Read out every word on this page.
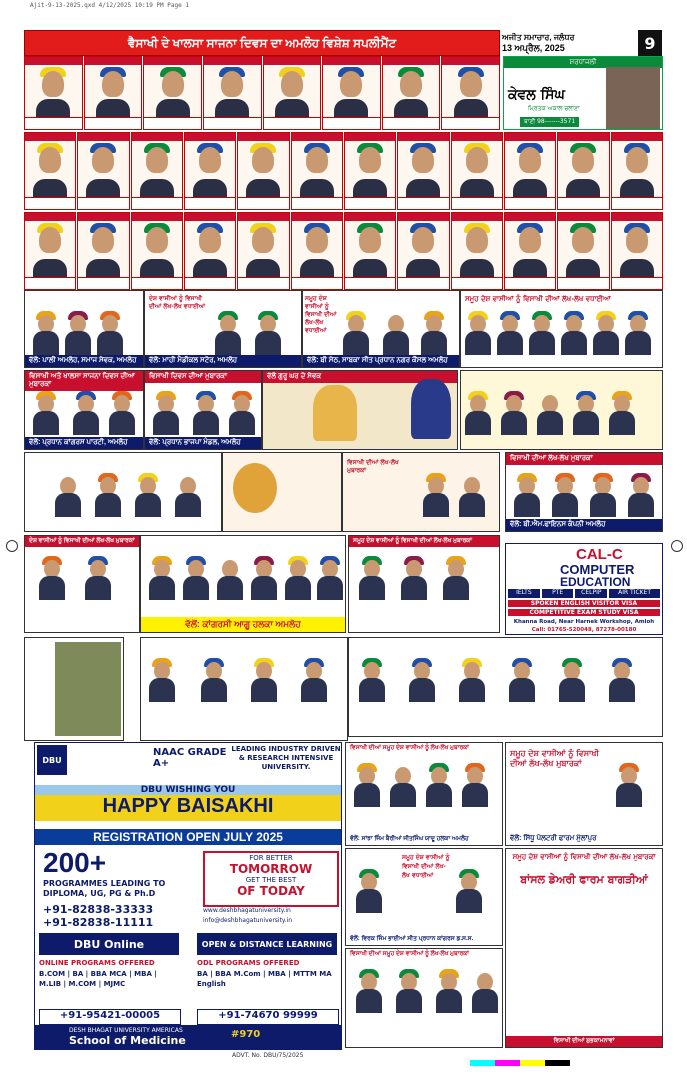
Ajit-9-13-2025.qxd 4/12/2025 10:19 PM Page 1
ਵੈਸਾਖੀ ਦੇ ਖਾਲਸਾ ਸਾਜਨਾ ਦਿਵਸ ਦਾ ਅਮਲੋਹ ਵਿਸ਼ੇਸ਼ ਸਪਲੀਮੈਂਟ	ਅਜੀਤ ਸਮਾਚਾਰ, ਜਲੰਧਰ
13 ਅਪ੍ਰੈਲ, 2025	9
ਸ਼ਰਧਾਂਜਲੀ
ਕੇਵਲ ਸਿੰਘ
ਮ੍ਰਿਤਕ ਅਕਾਲ ਚਲਾਣਾ
ਬਾਣੀ 98-------3571
ਵੱਲੋਂ: ਪਾਲੀ ਅਮਲੋਹ, ਸਮਾਜ ਸੇਵਕ, ਅਮਲੋਹ
ਦੇਸ਼ ਵਾਸੀਆਂ ਨੂੰ ਵਿਸਾਖੀ ਦੀਆਂ ਲੱਖ-ਲੱਖ ਵਧਾਈਆਂ
ਵੱਲੋਂ: ਮਾਹੀ ਮੈਡੀਕਲ ਸਟੋਰ, ਅਮਲੋਹ
ਸਮੂਹ ਦੇਸ਼ ਵਾਸੀਆਂ ਨੂੰ ਵਿਸਾਖੀ ਦੀਆਂ ਲੱਖ-ਲੱਖ ਵਧਾਈਆਂ
ਵੱਲੋਂ: ਬੀ ਸੇਠ, ਸਾਬਕਾ ਸੀਤ ਪ੍ਰਧਾਨ ਨਗਰ ਕੌਂਸਲ ਅਮਲੋਹ
ਸਮੂਹ ਦੇਸ਼ ਵਾਸੀਆਂ ਨੂੰ ਵਿਸਾਖੀ ਦੀਆਂ ਲੱਖ-ਲੱਖ ਵਧਾਈਆਂ
ਵਿਸਾਖੀ ਅਤੇ ਖਾਲਸਾ ਸਾਜਨਾ ਦਿਵਸ ਦੀਆਂ ਮੁਬਾਰਕਾਂ
ਵੱਲੋਂ: ਪ੍ਰਧਾਨ ਕਾਂਗਰਸ ਪਾਰਟੀ, ਅਮਲੋਹ
ਵਿਸਾਖੀ ਦਿਵਸ ਦੀਆਂ ਮੁਬਾਰਕਾਂ
ਵੱਲੋਂ: ਪ੍ਰਧਾਨ ਭਾਜਪਾ ਮੰਡਲ, ਅਮਲੋਹ
ਵੱਲੋਂ ਗੁਰੂ ਘਰ ਦੇ ਸੇਵਕ
ਵਿਸਾਖੀ ਦੀਆਂ ਲੱਖ-ਲੱਖ ਮੁਬਾਰਕਾਂ
ਵਿਸਾਖੀ ਦੀਆਂ ਲੱਖ-ਲੱਖ ਮੁਬਾਰਕਾਂ
ਵੱਲੋਂ: ਬੀ.ਐਮ.ਫਾਇਨਸ ਕੰਪਨੀ ਅਮਲੋਹ
ਦੇਸ਼ ਵਾਸੀਆਂ ਨੂੰ ਵਿਸਾਖੀ ਦੀਆਂ ਲੱਖ-ਲੱਖ ਮੁਬਾਰਕਾਂ
ਵੱਲੋਂ: ਕਾਂਗਰਸੀ ਆਗੂ ਹਲਕਾ ਅਮਲੋਹ
ਸਮੂਹ ਦੇਸ਼ ਵਾਸੀਆਂ ਨੂੰ ਵਿਸਾਖੀ ਦੀਆਂ ਲੱਖ-ਲੱਖ ਮੁਬਾਰਕਾਂ
CAL-C
COMPUTER
EDUCATION
IELTS	PTE	CELPIP	AIR TICKET
SPOKEN ENGLISH VISITOR VISA
COMPETITIVE EXAM STUDY VISA
Khanna Road, Near Harnek Workshop, Amloh
Call: 01765-520048, 87278-00180
DBU
NAAC GRADE A+
LEADING INDUSTRY DRIVEN & RESEARCH INTENSIVE UNIVERSITY.
DBU WISHING YOU
HAPPY BAISAKHI
REGISTRATION OPEN JULY 2025
200+
PROGRAMMES LEADING TO DIPLOMA, UG, PG & Ph.D
FOR BETTER
TOMORROW
GET THE BEST
OF TODAY
+91-82838-33333
+91-82838-11111
www.deshbhagatuniversity.in
info@deshbhagatuniversity.in
DBU Online	OPEN & DISTANCE LEARNING
ONLINE PROGRAMS OFFERED
B.COM | BA | BBA MCA | MBA | M.LIB | M.COM | MJMC
ODL PROGRAMS OFFERED
BA | BBA M.Com | MBA | MTTM MA English
+91-95421-00005	+91-74670 99999
DESH BHAGAT UNIVERSITY AMERICAS
School of Medicine	#970
ਵਿਸਾਖੀ ਦੀਆਂ ਸਮੂਹ ਦੇਸ਼ ਵਾਸੀਆਂ ਨੂੰ ਲੱਖ-ਲੱਖ ਮੁਬਾਰਕਾਂ
ਵੱਲੋਂ: ਸਾਂਝਾ ਜਿੰਮ ਬੈਰੀਆਂ ਜੀਤਸਿੰਘ ਯਾਦੂ ਹਲਕਾ ਅਮਲੋਹ
ਸਮੂਹ ਦੇਸ਼ ਵਾਸੀਆਂ ਨੂੰ ਵਿਸਾਖੀ ਦੀਆਂ ਲੱਖ-ਲੱਖ ਮੁਬਾਰਕਾਂ
ਵੱਲੋਂ: ਸਿੱਧੂ ਪੋਲਟਰੀ ਫਾਰਮ ਮੁੱਲਾਂਪੁਰ
ਸਮੂਹ ਦੇਸ਼ ਵਾਸੀਆਂ ਨੂੰ ਵਿਸਾਖੀ ਦੀਆਂ ਲੱਖ-ਲੱਖ ਵਧਾਈਆਂ
ਵੱਲੋਂ: ਵਿਰਕ ਜਿੰਮ ਭਾਈਆਂ ਸੀਤ ਪ੍ਰਧਾਨ ਕਾਂਗਰਸ ਡ.ਸ.ਸ.
ਸਮੂਹ ਦੇਸ਼ ਵਾਸੀਆਂ ਨੂੰ ਵਿਸਾਖੀ ਦੀਆਂ ਲੱਖ-ਲੱਖ ਮੁਬਾਰਕਾਂ
ਬਾਂਸਲ ਡੇਅਰੀ ਫਾਰਮ ਬਾਗੜੀਆਂ
ਵਿਸਾਖੀ ਦੀਆਂ ਸ਼ੁਭਕਾਮਨਾਵਾਂ
ਵਿਸਾਖੀ ਦੀਆਂ ਸਮੂਹ ਦੇਸ਼ ਵਾਸੀਆਂ ਨੂੰ ਲੱਖ-ਲੱਖ ਮੁਬਾਰਕਾਂ
ADVT. No. DBU/75/2025
